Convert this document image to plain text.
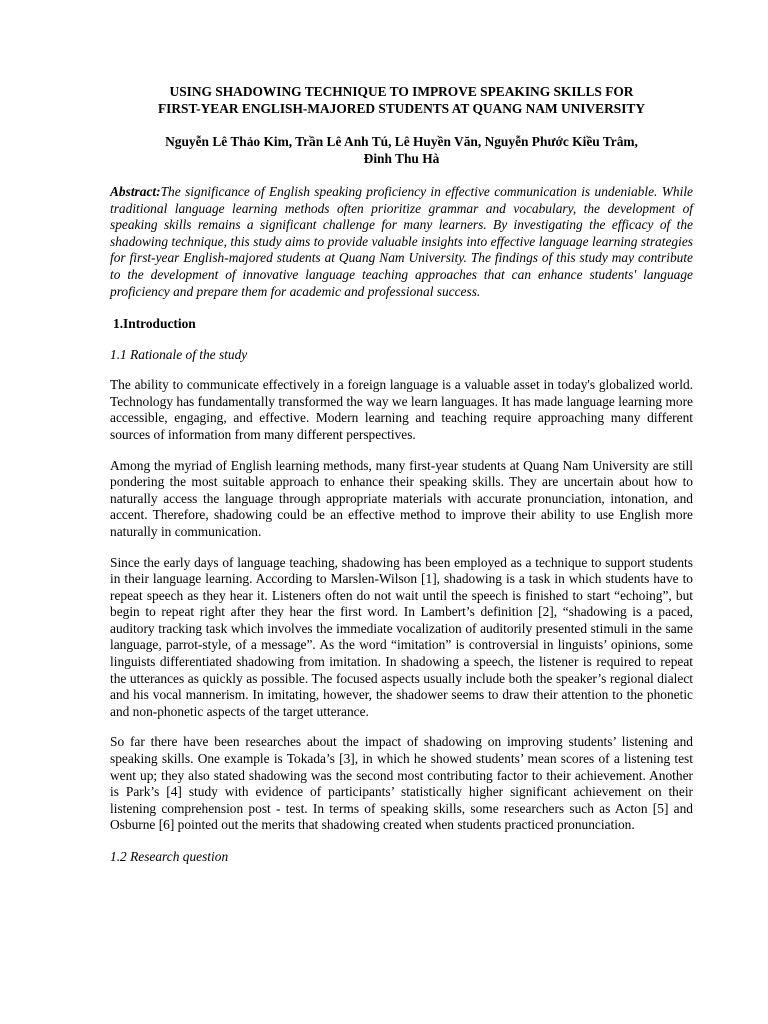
USING SHADOWING TECHNIQUE TO IMPROVE SPEAKING SKILLS FOR
FIRST-YEAR ENGLISH-MAJORED STUDENTS AT QUANG NAM UNIVERSITY

Nguyễn Lê Thảo Kim, Trần Lê Anh Tú, Lê Huyền Văn, Nguyễn Phước Kiều Trâm,
Đinh Thu Hà

Abstract:The significance of English speaking proficiency in effective communication is undeniable. While traditional language learning methods often prioritize grammar and vocabulary, the development of speaking skills remains a significant challenge for many learners. By investigating the efficacy of the shadowing technique, this study aims to provide valuable insights into effective language learning strategies for first-year English-majored students at Quang Nam University. The findings of this study may contribute to the development of innovative language teaching approaches that can enhance students' language proficiency and prepare them for academic and professional success.

1.Introduction

1.1 Rationale of the study

The ability to communicate effectively in a foreign language is a valuable asset in today's globalized world. Technology has fundamentally transformed the way we learn languages. It has made language learning more accessible, engaging, and effective. Modern learning and teaching require approaching many different sources of information from many different perspectives.

Among the myriad of English learning methods, many first-year students at Quang Nam University are still pondering the most suitable approach to enhance their speaking skills. They are uncertain about how to naturally access the language through appropriate materials with accurate pronunciation, intonation, and accent. Therefore, shadowing could be an effective method to improve their ability to use English more naturally in communication.

Since the early days of language teaching, shadowing has been employed as a technique to support students in their language learning. According to Marslen-Wilson [1], shadowing is a task in which students have to repeat speech as they hear it. Listeners often do not wait until the speech is finished to start “echoing”, but begin to repeat right after they hear the first word. In Lambert’s definition [2], “shadowing is a paced, auditory tracking task which involves the immediate vocalization of auditorily presented stimuli in the same language, parrot-style, of a message”. As the word “imitation” is controversial in linguists’ opinions, some linguists differentiated shadowing from imitation. In shadowing a speech, the listener is required to repeat the utterances as quickly as possible. The focused aspects usually include both the speaker’s regional dialect and his vocal mannerism. In imitating, however, the shadower seems to draw their attention to the phonetic and non-phonetic aspects of the target utterance.

So far there have been researches about the impact of shadowing on improving students’ listening and speaking skills. One example is Tokada’s [3], in which he showed students’ mean scores of a listening test went up; they also stated shadowing was the second most contributing factor to their achievement. Another is Park’s [4] study with evidence of participants’ statistically higher significant achievement on their listening comprehension post - test. In terms of speaking skills, some researchers such as Acton [5] and Osburne [6] pointed out the merits that shadowing created when students practiced pronunciation.

1.2 Research question
